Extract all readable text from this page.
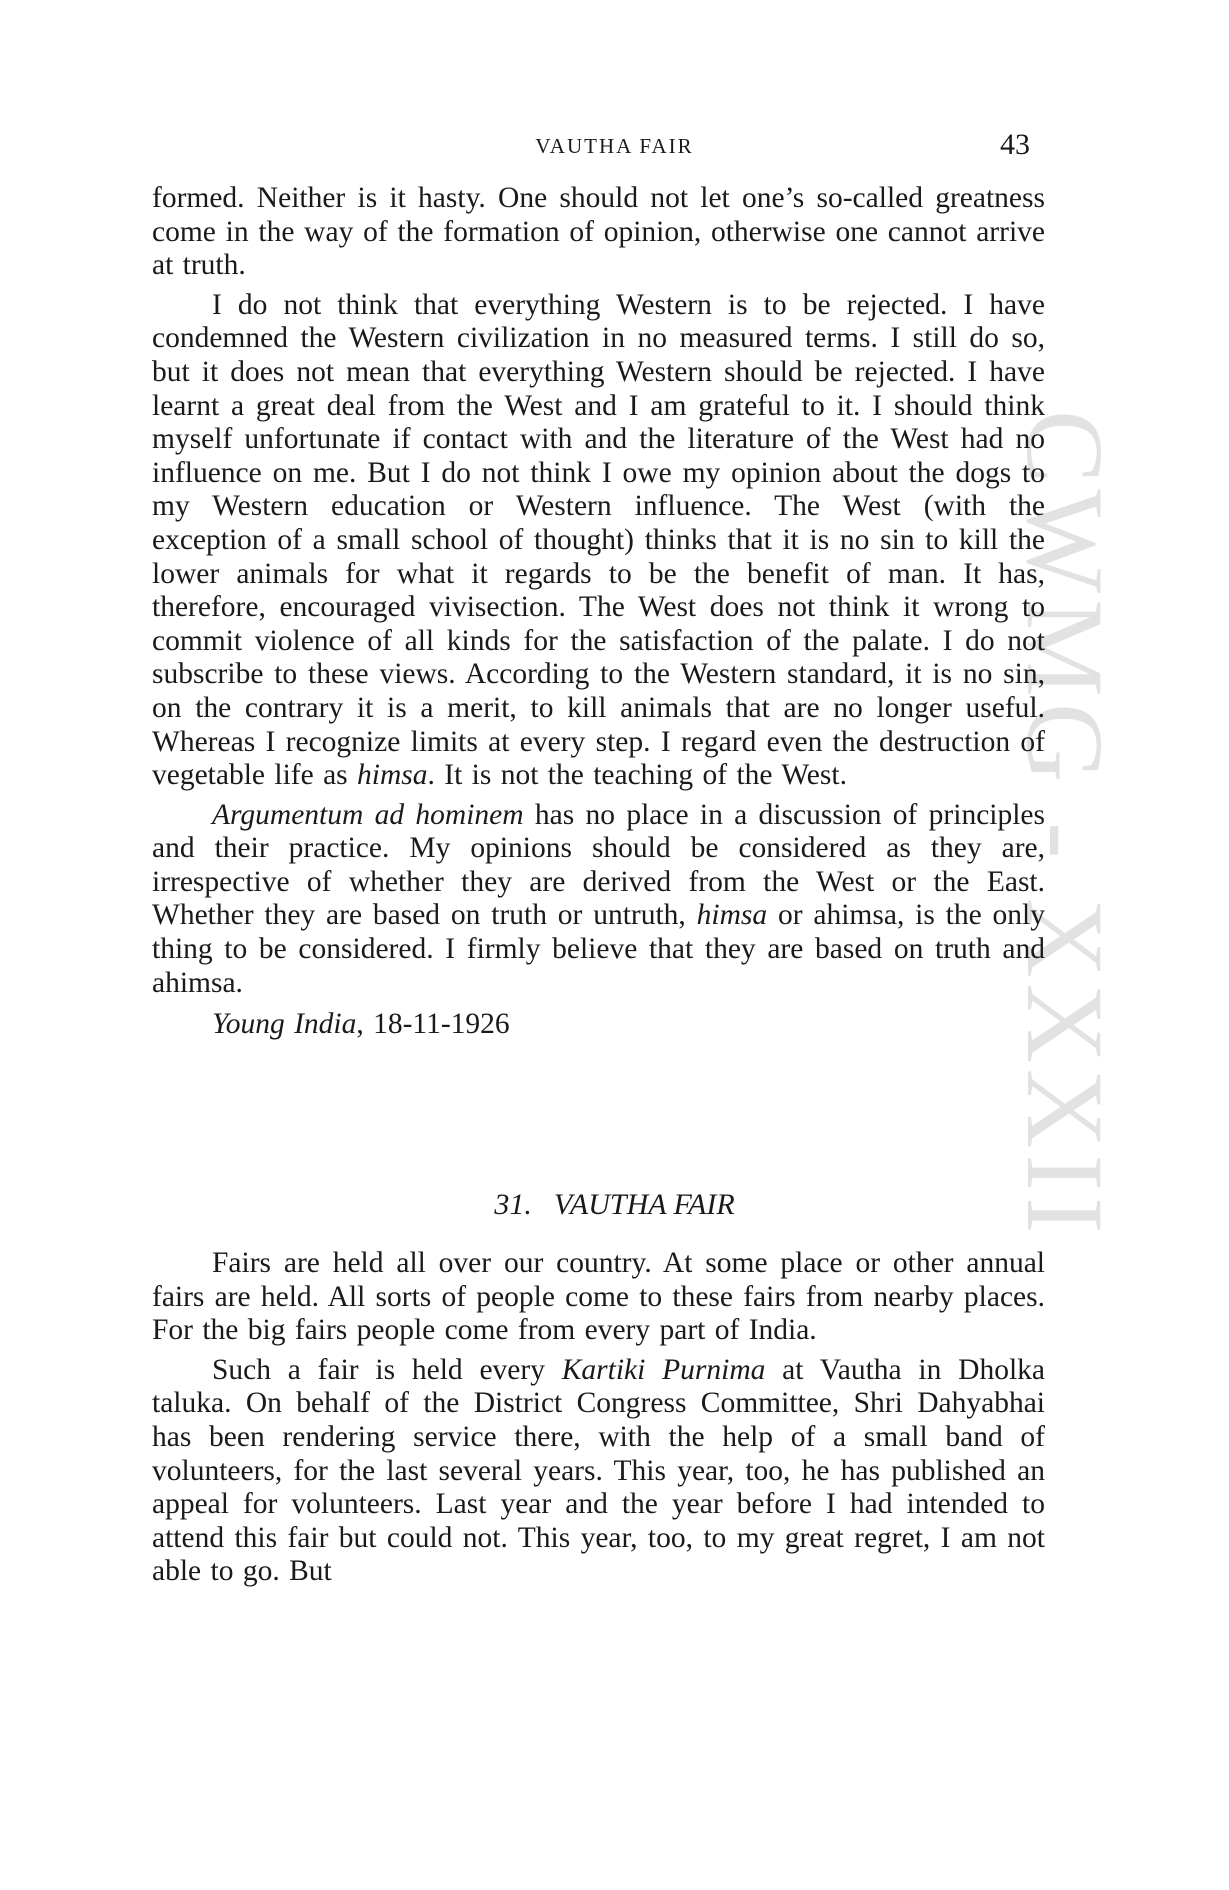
CWMG - XXXII
VAUTHA FAIR	43

formed. Neither is it hasty. One should not let one’s so-called greatness come in the way of the formation of opinion, otherwise one cannot arrive at truth.

I do not think that everything Western is to be rejected. I have condemned the Western civilization in no measured terms. I still do so, but it does not mean that everything Western should be rejected. I have learnt a great deal from the West and I am grateful to it. I should think myself unfortunate if contact with and the literature of the West had no influence on me. But I do not think I owe my opinion about the dogs to my Western education or Western influence. The West (with the exception of a small school of thought) thinks that it is no sin to kill the lower animals for what it regards to be the benefit of man. It has, therefore, encouraged vivisection. The West does not think it wrong to commit violence of all kinds for the satisfaction of the palate. I do not subscribe to these views. According to the Western standard, it is no sin, on the contrary it is a merit, to kill animals that are no longer useful. Whereas I recognize limits at every step. I regard even the destruction of vegetable life as himsa. It is not the teaching of the West.

Argumentum ad hominem has no place in a discussion of principles and their practice. My opinions should be considered as they are, irrespective of whether they are derived from the West or the East. Whether they are based on truth or untruth, himsa or ahimsa, is the only thing to be considered. I firmly believe that they are based on truth and ahimsa.

Young India, 18-11-1926

31. VAUTHA FAIR

Fairs are held all over our country. At some place or other annual fairs are held. All sorts of people come to these fairs from nearby places. For the big fairs people come from every part of India.

Such a fair is held every Kartiki Purnima at Vautha in Dholka taluka. On behalf of the District Congress Committee, Shri Dahyabhai has been rendering service there, with the help of a small band of volunteers, for the last several years. This year, too, he has published an appeal for volunteers. Last year and the year before I had intended to attend this fair but could not. This year, too, to my great regret, I am not able to go. But
